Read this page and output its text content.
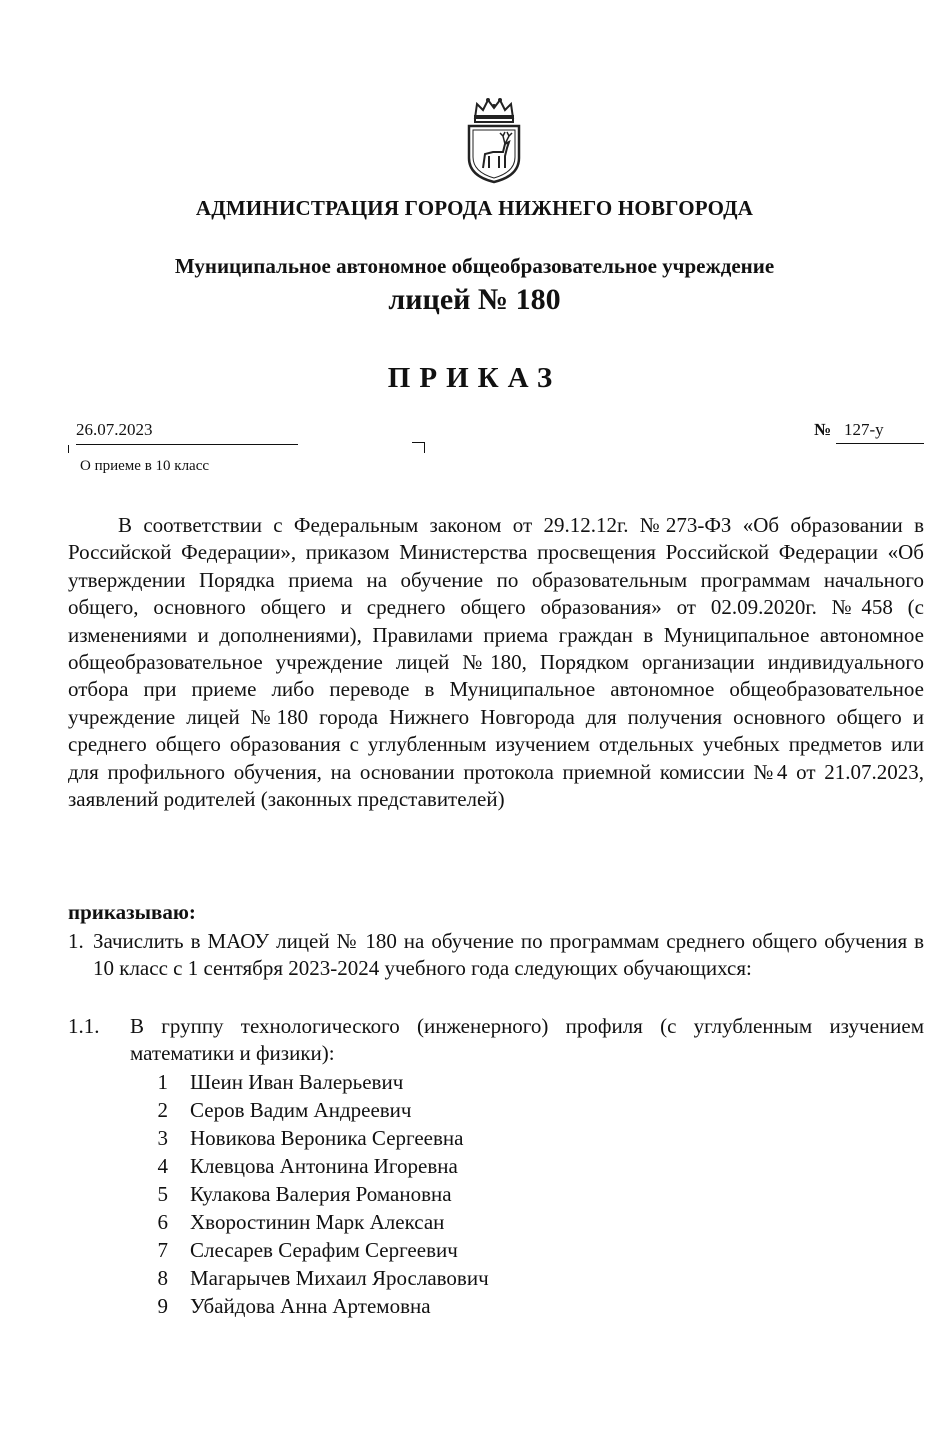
АДМИНИСТРАЦИЯ ГОРОДА НИЖНЕГО НОВГОРОДА
Муниципальное автономное общеобразовательное учреждение
лицей № 180
ПРИКАЗ
26.07.2023	№ 127-у
О приеме в 10 класс

В соответствии с Федеральным законом от 29.12.12г. №273-ФЗ «Об образовании в Российской Федерации», приказом Министерства просвещения Российской Федерации «Об утверждении Порядка приема на обучение по образовательным программам начального общего, основного общего и среднего общего образования» от 02.09.2020г. №458 (с изменениями и дополнениями), Правилами приема граждан в Муниципальное автономное общеобразовательное учреждение лицей №180, Порядком организации индивидуального отбора при приеме либо переводе в Муниципальное автономное общеобразовательное учреждение лицей №180 города Нижнего Новгорода для получения основного общего и среднего общего образования с углубленным изучением отдельных учебных предметов или для профильного обучения, на основании протокола приемной комиссии №4 от 21.07.2023, заявлений родителей (законных представителей)

приказываю:
1. Зачислить в МАОУ лицей № 180 на обучение по программам среднего общего обучения в 10 класс с 1 сентября 2023-2024 учебного года следующих обучающихся:
1.1. В группу технологического (инженерного) профиля (с углубленным изучением математики и физики):
1 Шеин Иван Валерьевич
2 Серов Вадим Андреевич
3 Новикова Вероника Сергеевна
4 Клевцова Антонина Игоревна
5 Кулакова Валерия Романовна
6 Хворостинин Марк Алексан
7 Слесарев Серафим Сергеевич
8 Магарычев Михаил Ярославович
9 Убайдова Анна Артемовна
